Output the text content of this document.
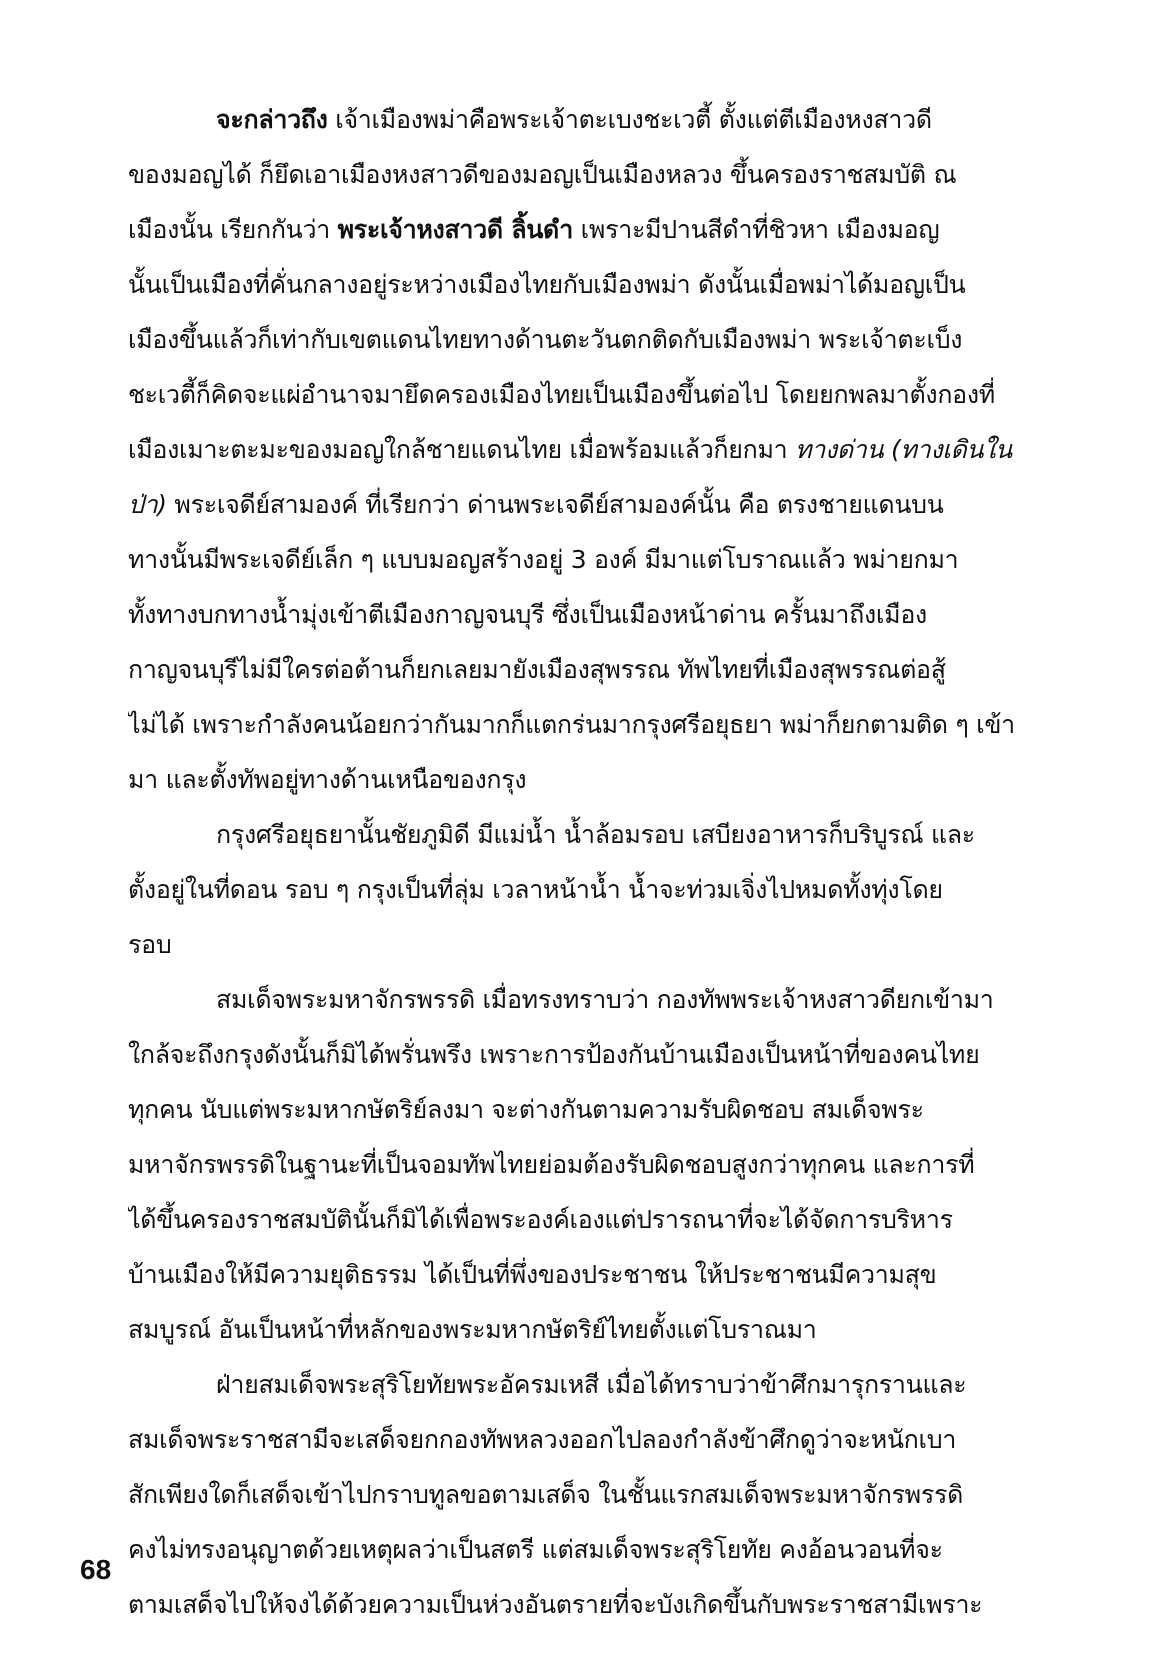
จะกล่าวถึง เจ้าเมืองพม่าคือพระเจ้าตะเบงชะเวตี้ ตั้งแต่ตีเมืองหงสาวดี
ของมอญได้ ก็ยึดเอาเมืองหงสาวดีของมอญเป็นเมืองหลวง ขึ้นครองราชสมบัติ ณ
เมืองนั้น เรียกกันว่า พระเจ้าหงสาวดี ลิ้นดำ เพราะมีปานสีดำที่ชิวหา เมืองมอญ
นั้นเป็นเมืองที่คั่นกลางอยู่ระหว่างเมืองไทยกับเมืองพม่า ดังนั้นเมื่อพม่าได้มอญเป็น
เมืองขึ้นแล้วก็เท่ากับเขตแดนไทยทางด้านตะวันตกติดกับเมืองพม่า พระเจ้าตะเบ็ง
ชะเวตี้ก็คิดจะแผ่อำนาจมายึดครองเมืองไทยเป็นเมืองขึ้นต่อไป โดยยกพลมาตั้งกองที่
เมืองเมาะตะมะของมอญใกล้ชายแดนไทย เมื่อพร้อมแล้วก็ยกมา ทางด่าน (ทางเดินใน
ป่า) พระเจดีย์สามองค์ ที่เรียกว่า ด่านพระเจดีย์สามองค์นั้น คือ ตรงชายแดนบน
ทางนั้นมีพระเจดีย์เล็ก ๆ แบบมอญสร้างอยู่ 3 องค์ มีมาแต่โบราณแล้ว พม่ายกมา
ทั้งทางบกทางน้ำมุ่งเข้าตีเมืองกาญจนบุรี ซึ่งเป็นเมืองหน้าด่าน ครั้นมาถึงเมือง
กาญจนบุรีไม่มีใครต่อต้านก็ยกเลยมายังเมืองสุพรรณ ทัพไทยที่เมืองสุพรรณต่อสู้
ไม่ได้ เพราะกำลังคนน้อยกว่ากันมากก็แตกร่นมากรุงศรีอยุธยา พม่าก็ยกตามติด ๆ เข้า
มา และตั้งทัพอยู่ทางด้านเหนือของกรุง
กรุงศรีอยุธยานั้นชัยภูมิดี มีแม่น้ำ น้ำล้อมรอบ เสบียงอาหารก็บริบูรณ์ และ
ตั้งอยู่ในที่ดอน รอบ ๆ กรุงเป็นที่ลุ่ม เวลาหน้าน้ำ น้ำจะท่วมเจิ่งไปหมดทั้งทุ่งโดย
รอบ
สมเด็จพระมหาจักรพรรดิ เมื่อทรงทราบว่า กองทัพพระเจ้าหงสาวดียกเข้ามา
ใกล้จะถึงกรุงดังนั้นก็มิได้พรั่นพรึง เพราะการป้องกันบ้านเมืองเป็นหน้าที่ของคนไทย
ทุกคน นับแต่พระมหากษัตริย์ลงมา จะต่างกันตามความรับผิดชอบ สมเด็จพระ
มหาจักรพรรดิในฐานะที่เป็นจอมทัพไทยย่อมต้องรับผิดชอบสูงกว่าทุกคน และการที่
ได้ขึ้นครองราชสมบัตินั้นก็มิได้เพื่อพระองค์เองแต่ปรารถนาที่จะได้จัดการบริหาร
บ้านเมืองให้มีความยุติธรรม ได้เป็นที่พึ่งของประชาชน ให้ประชาชนมีความสุข
สมบูรณ์ อันเป็นหน้าที่หลักของพระมหากษัตริย์ไทยตั้งแต่โบราณมา
ฝ่ายสมเด็จพระสุริโยทัยพระอัครมเหสี เมื่อได้ทราบว่าข้าศึกมารุกรานและ
สมเด็จพระราชสามีจะเสด็จยกกองทัพหลวงออกไปลองกำลังข้าศึกดูว่าจะหนักเบา
สักเพียงใดก็เสด็จเข้าไปกราบทูลขอตามเสด็จ ในชั้นแรกสมเด็จพระมหาจักรพรรดิ
คงไม่ทรงอนุญาตด้วยเหตุผลว่าเป็นสตรี แต่สมเด็จพระสุริโยทัย คงอ้อนวอนที่จะ
ตามเสด็จไปให้จงได้ด้วยความเป็นห่วงอันตรายที่จะบังเกิดขึ้นกับพระราชสามีเพราะ
68
